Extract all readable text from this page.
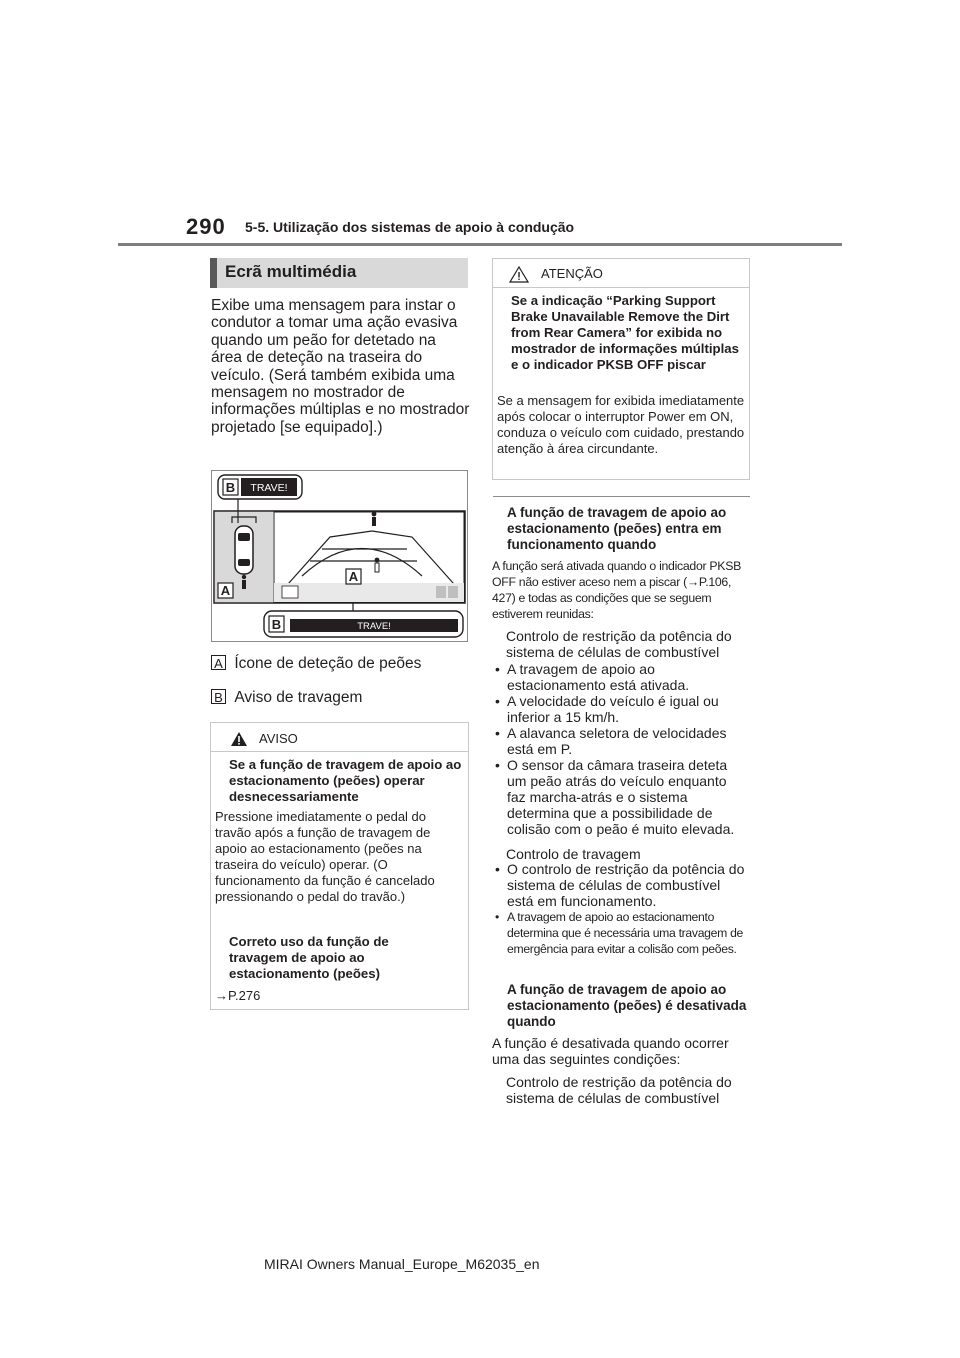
290 5-5. Utilização dos sistemas de apoio à condução
Ecrã multimédia
Exibe uma mensagem para instar o condutor a tomar uma ação evasiva quando um peão for detetado na área de deteção na traseira do veículo. (Será também exibida uma mensagem no mostrador de informações múltiplas e no mostrador projetado [se equipado].)
B TRAVE!
A
A
B	TRAVE!
A Ícone de deteção de peões
B Aviso de travagem
AVISO
Se a função de travagem de apoio ao estacionamento (peões) operar desnecessariamente
Pressione imediatamente o pedal do travão após a função de travagem de apoio ao estacionamento (peões na traseira do veículo) operar. (O funcionamento da função é cancelado pressionando o pedal do travão.)
Correto uso da função de travagem de apoio ao estacionamento (peões)
→P.276
ATENÇÃO
Se a indicação “Parking Support Brake Unavailable Remove the Dirt from Rear Camera” for exibida no mostrador de informações múltiplas e o indicador PKSB OFF piscar
Se a mensagem for exibida imediatamente após colocar o interruptor Power em ON, conduza o veículo com cuidado, prestando atenção à área circundante.
A função de travagem de apoio ao estacionamento (peões) entra em funcionamento quando
A função será ativada quando o indicador PKSB OFF não estiver aceso nem a piscar (→P.106, 427) e todas as condições que se seguem estiverem reunidas:
Controlo de restrição da potência do sistema de células de combustível
• A travagem de apoio ao estacionamento está ativada.
• A velocidade do veículo é igual ou inferior a 15 km/h.
• A alavanca seletora de velocidades está em P.
• O sensor da câmara traseira deteta um peão atrás do veículo enquanto faz marcha-atrás e o sistema determina que a possibilidade de colisão com o peão é muito elevada.
Controlo de travagem
• O controlo de restrição da potência do sistema de células de combustível está em funcionamento.
• A travagem de apoio ao estacionamento determina que é necessária uma travagem de emergência para evitar a colisão com peões.
A função de travagem de apoio ao estacionamento (peões) é desativada quando
A função é desativada quando ocorrer uma das seguintes condições:
Controlo de restrição da potência do sistema de células de combustível
MIRAI Owners Manual_Europe_M62035_en
